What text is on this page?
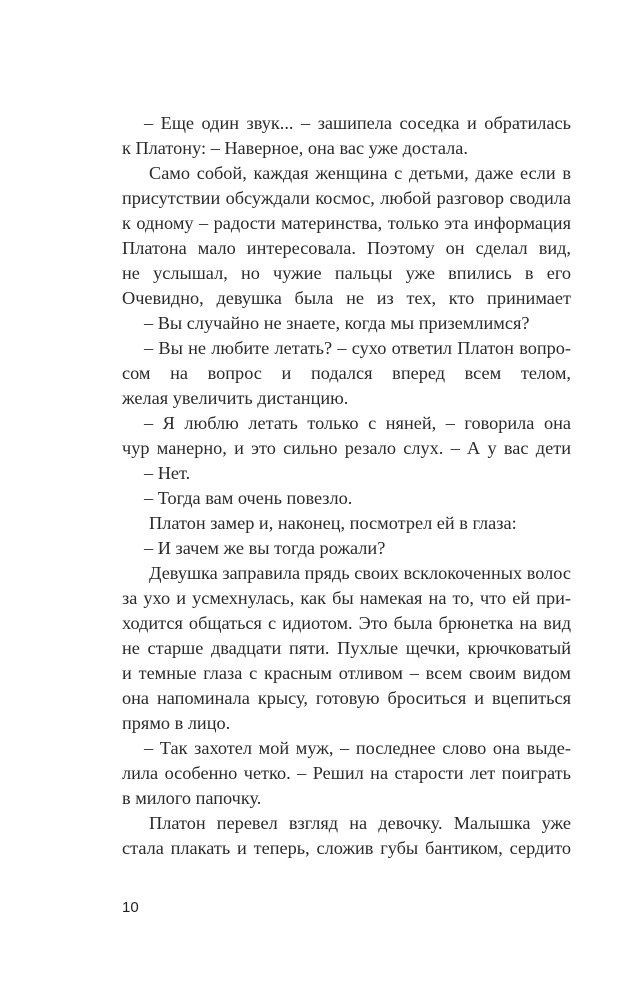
– Еще один звук... – зашипела соседка и обратилась
к Платону: – Наверное, она вас уже достала.
Само собой, каждая женщина с детьми, даже если в
присутствии обсуждали космос, любой разговор сводила
к одному – радости материнства, только эта информация
Платона мало интересовала. Поэтому он сделал вид,
не услышал, но чужие пальцы уже впились в его
Очевидно, девушка была не из тех, кто принимает
– Вы случайно не знаете, когда мы приземлимся?
– Вы не любите летать? – сухо ответил Платон вопро-
сом на вопрос и подался вперед всем телом,
желая увеличить дистанцию.
– Я люблю летать только с няней, – говорила она
чур манерно, и это сильно резало слух. – А у вас дети
– Нет.
– Тогда вам очень повезло.
Платон замер и, наконец, посмотрел ей в глаза:
– И зачем же вы тогда рожали?
Девушка заправила прядь своих всклокоченных волос
за ухо и усмехнулась, как бы намекая на то, что ей при-
ходится общаться с идиотом. Это была брюнетка на вид
не старше двадцати пяти. Пухлые щечки, крючковатый
и темные глаза с красным отливом – всем своим видом
она напоминала крысу, готовую броситься и вцепиться
прямо в лицо.
– Так захотел мой муж, – последнее слово она выде-
лила особенно четко. – Решил на старости лет поиграть
в милого папочку.
Платон перевел взгляд на девочку. Малышка уже
стала плакать и теперь, сложив губы бантиком, сердито
10
